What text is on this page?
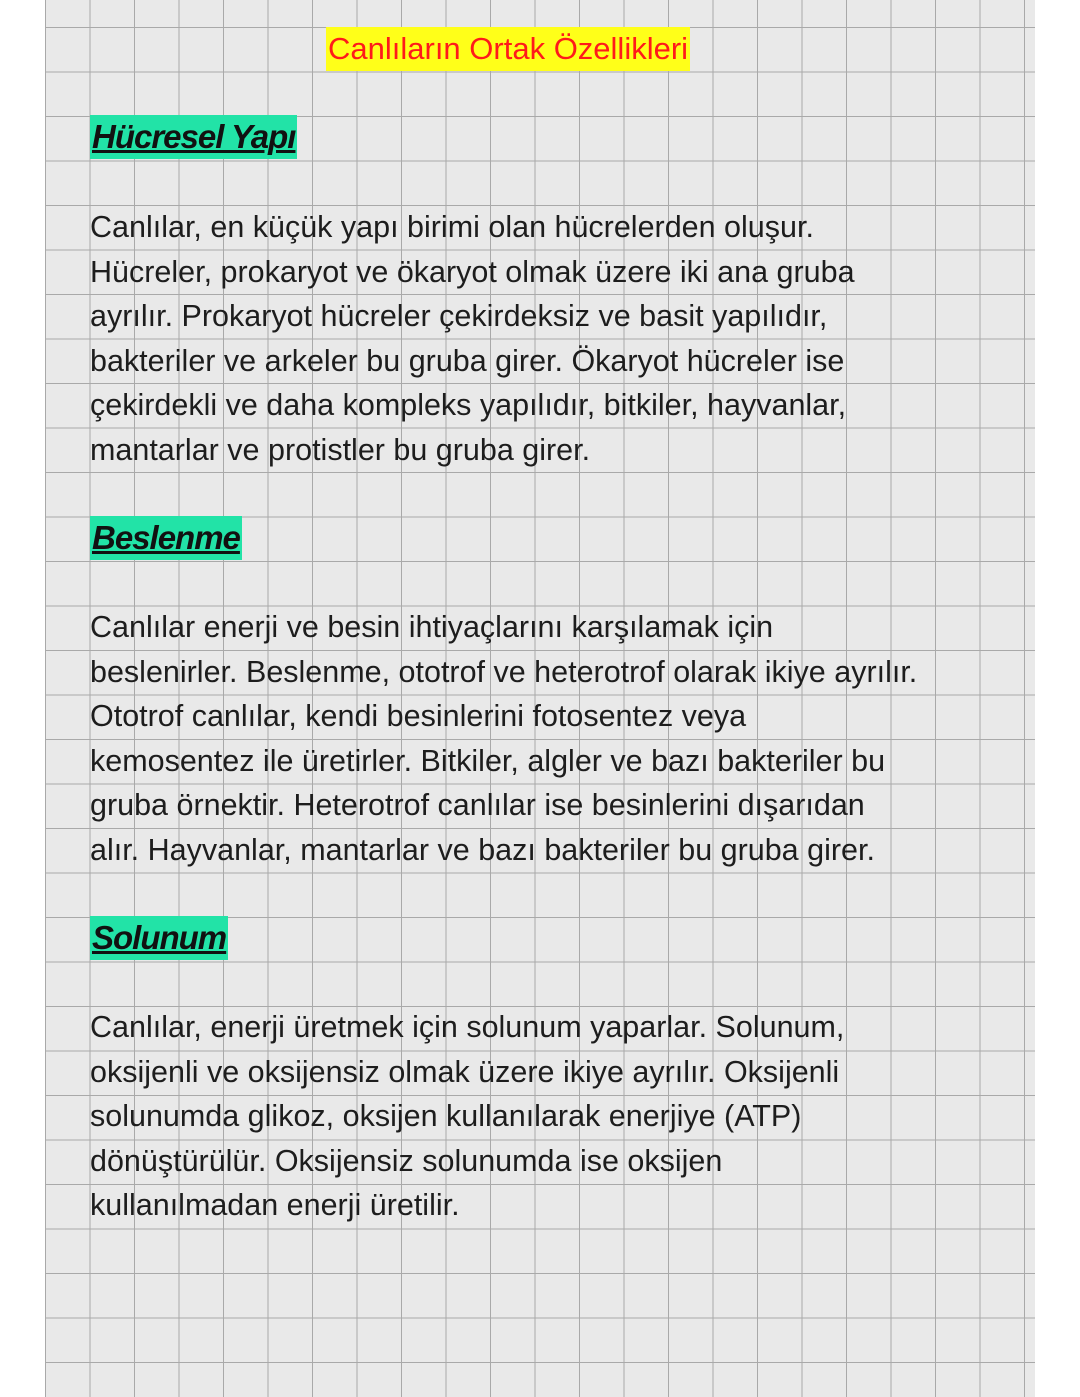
Canlıların Ortak Özellikleri
Hücresel Yapı
Canlılar, en küçük yapı birimi olan hücrelerden oluşur.
Hücreler, prokaryot ve ökaryot olmak üzere iki ana gruba
ayrılır. Prokaryot hücreler çekirdeksiz ve basit yapılıdır,
bakteriler ve arkeler bu gruba girer. Ökaryot hücreler ise
çekirdekli ve daha kompleks yapılıdır, bitkiler, hayvanlar,
mantarlar ve protistler bu gruba girer.
Beslenme
Canlılar enerji ve besin ihtiyaçlarını karşılamak için
beslenirler. Beslenme, ototrof ve heterotrof olarak ikiye ayrılır.
Ototrof canlılar, kendi besinlerini fotosentez veya
kemosentez ile üretirler. Bitkiler, algler ve bazı bakteriler bu
gruba örnektir. Heterotrof canlılar ise besinlerini dışarıdan
alır. Hayvanlar, mantarlar ve bazı bakteriler bu gruba girer.
Solunum
Canlılar, enerji üretmek için solunum yaparlar. Solunum,
oksijenli ve oksijensiz olmak üzere ikiye ayrılır. Oksijenli
solunumda glikoz, oksijen kullanılarak enerjiye (ATP)
dönüştürülür. Oksijensiz solunumda ise oksijen
kullanılmadan enerji üretilir.
